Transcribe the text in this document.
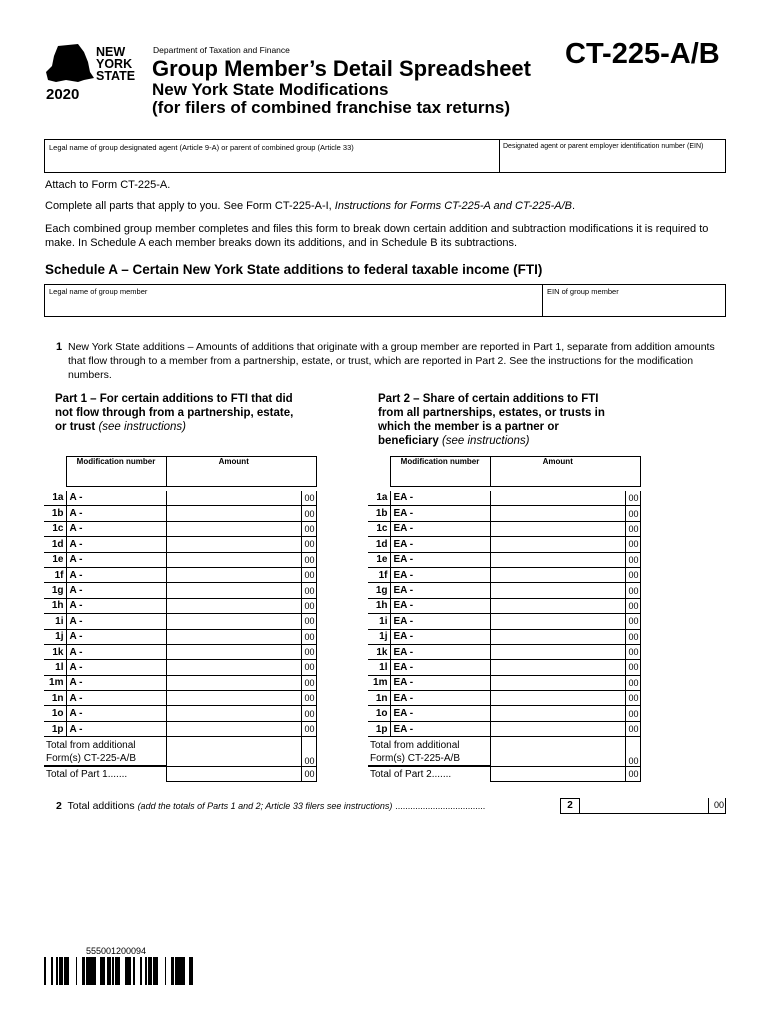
NEW
YORK
STATE
2020
Department of Taxation and Finance
Group Member’s Detail Spreadsheet
New York State Modifications
(for filers of combined franchise tax returns)
CT-225-A/B
Legal name of group designated agent (Article 9-A) or parent of combined group (Article 33)	Designated agent or parent employer identification number (EIN)
Attach to Form CT-225-A.
Complete all parts that apply to you. See Form CT-225-A-I, Instructions for Forms CT-225-A and CT-225-A/B.
Each combined group member completes and files this form to break down certain addition and subtraction modifications it is required to make. In Schedule A each member breaks down its additions, and in Schedule B its subtractions.
Schedule A – Certain New York State additions to federal taxable income (FTI)
Legal name of group member	EIN of group member
1 New York State additions – Amounts of additions that originate with a group member are reported in Part 1, separate from addition amounts that flow through to a member from a partnership, estate, or trust, which are reported in Part 2. See the instructions for the modification numbers.
Part 1 – For certain additions to FTI that did not flow through from a partnership, estate, or trust (see instructions)
Part 2 – Share of certain additions to FTI from all partnerships, estates, or trusts in which the member is a partner or beneficiary (see instructions)
	Modification number	Amount	

1a	A -		00
1b	A -		00
1c	A -		00
1d	A -		00
1e	A -		00
1f	A -		00
1g	A -		00
1h	A -		00
1i	A -		00
1j	A -		00
1k	A -		00
1l	A -		00
1m	A -		00
1n	A -		00
1o	A -		00
1p	A -		00
Total from additional Form(s) CT-225-A/B			00
Total of Part 1.......			00
	Modification number	Amount	

1a	EA -		00
1b	EA -		00
1c	EA -		00
1d	EA -		00
1e	EA -		00
1f	EA -		00
1g	EA -		00
1h	EA -		00
1i	EA -		00
1j	EA -		00
1k	EA -		00
1l	EA -		00
1m	EA -		00
1n	EA -		00
1o	EA -		00
1p	EA -		00
Total from additional Form(s) CT-225-A/B			00
Total of Part 2.......			00
2 Total additions (add the totals of Parts 1 and 2; Article 33 filers see instructions) ....................................	2	00
555001200094
